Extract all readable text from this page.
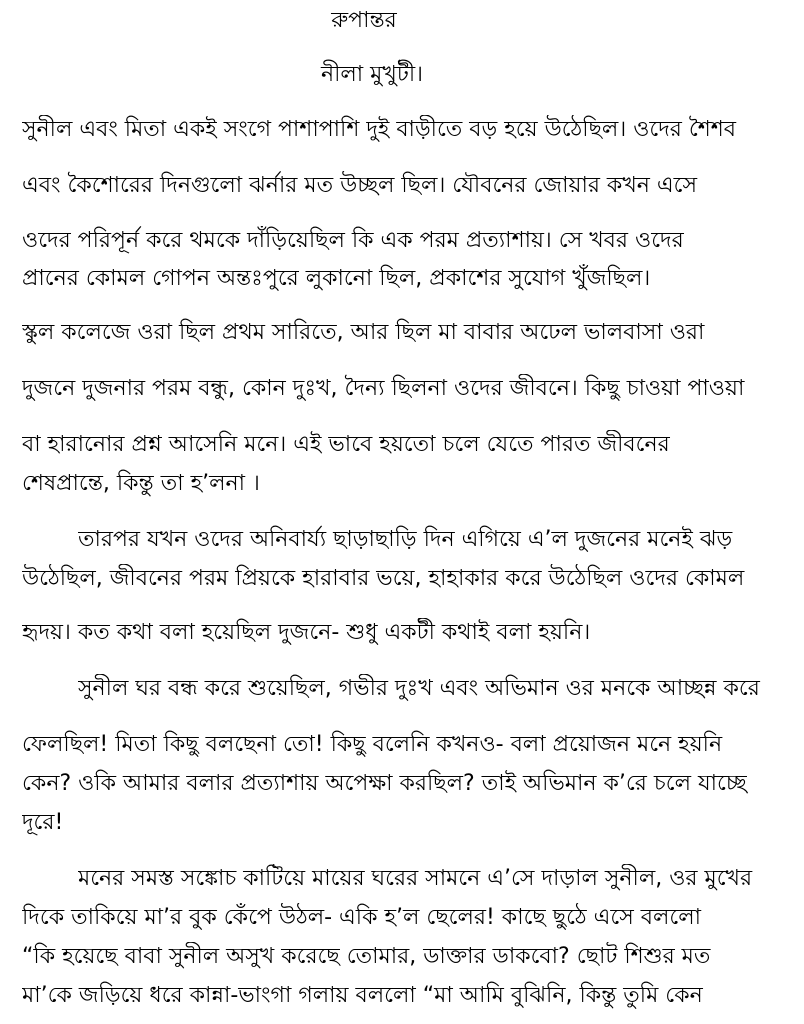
রুপান্তর
নীলা মুখুটী।
সুনীল এবং মিতা একই সংগে পাশাপাশি দুই বাড়ীতে বড় হয়ে উঠেছিল। ওদের শৈশব
এবং কৈশোরের দিনগুলো ঝর্নার মত উচ্ছল ছিল। যৌবনের জোয়ার কখন এসে
ওদের পরিপূর্ন করে থমকে দাঁড়িয়েছিল কি এক পরম প্রত্যাশায়। সে খবর ওদের
প্রানের কোমল গোপন অন্তঃপুরে লুকানো ছিল, প্রকাশের সুযোগ খুঁজছিল।
স্কুল কলেজে ওরা ছিল প্রথম সারিতে, আর ছিল মা বাবার অঢেল ভালবাসা ওরা
দুজনে দুজনার পরম বন্ধু, কোন দুঃখ, দৈন্য ছিলনা ওদের জীবনে। কিছু চাওয়া পাওয়া
বা হারানোর প্রশ্ন আসেনি মনে। এই ভাবে হয়তো চলে যেতে পারত জীবনের
শেষপ্রান্তে, কিন্তু তা হ’লনা ।
তারপর যখন ওদের অনিবার্য্য ছাড়াছাড়ি দিন এগিয়ে এ’ল দুজনের মনেই ঝড়
উঠেছিল, জীবনের পরম প্রিয়কে হারাবার ভয়ে, হাহাকার করে উঠেছিল ওদের কোমল
হৃদয়। কত কথা বলা হয়েছিল দুজনে- শুধু একটী কথাই বলা হয়নি।
সুনীল ঘর বন্ধ করে শুয়েছিল, গভীর দুঃখ এবং অভিমান ওর মনকে আচ্ছন্ন করে
ফেলছিল! মিতা কিছু বলছেনা তো! কিছু বলেনি কখনও- বলা প্রয়োজন মনে হয়নি
কেন? ওকি আমার বলার প্রত্যাশায় অপেক্ষা করছিল? তাই অভিমান ক’রে চলে যাচ্ছে
দূরে!
মনের সমস্ত সঙ্কোচ কাটিয়ে মায়ের ঘরের সামনে এ’সে দাড়াল সুনীল, ওর মুখের
দিকে তাকিয়ে মা’র বুক কেঁপে উঠল- একি হ’ল ছেলের! কাছে ছুঠে এসে বললো
“কি হয়েছে বাবা সুনীল অসুখ করেছে তোমার, ডাক্তার ডাকবো? ছোট শিশুর মত
মা’কে জড়িয়ে ধরে কান্না-ভাংগা গলায় বললো “মা আমি বুঝিনি, কিন্তু তুমি কেন
